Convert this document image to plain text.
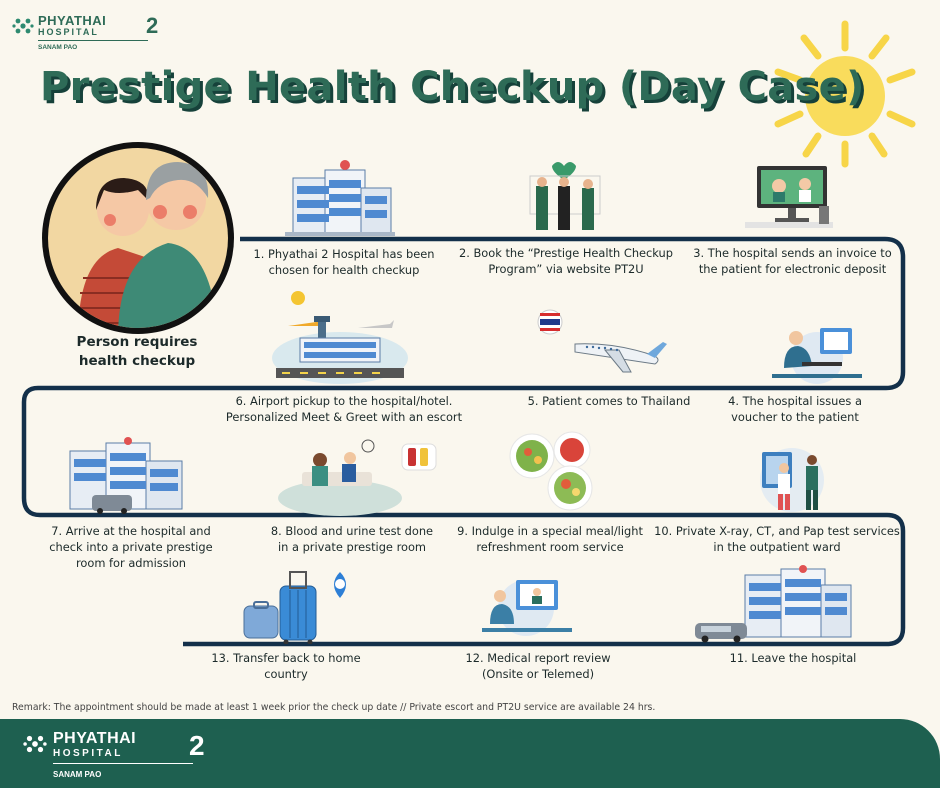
PHYATHAI
HOSPITAL
SANAM PAO
2
Prestige Health Checkup (Day Case)
Person requires
health checkup
1. Phyathai 2 Hospital has been
chosen for health checkup
2. Book the “Prestige Health Checkup
Program” via website PT2U
3. The hospital sends an invoice to
the patient for electronic deposit
4. The hospital issues a
voucher to the patient
5. Patient comes to Thailand
6. Airport pickup to the hospital/hotel.
Personalized Meet & Greet with an escort
7. Arrive at the hospital and
check into a private prestige
room for admission
8. Blood and urine test done
in a private prestige room
9. Indulge in a special meal/light
refreshment room service
10. Private X-ray, CT, and Pap test services
in the outpatient ward
11. Leave the hospital
12. Medical report review
(Onsite or Telemed)
13. Transfer back to home
country
Remark: The appointment should be made at least 1 week prior the check up date // Private escort and PT2U service are available 24 hrs.
PHYATHAI
HOSPITAL
SANAM PAO
2
